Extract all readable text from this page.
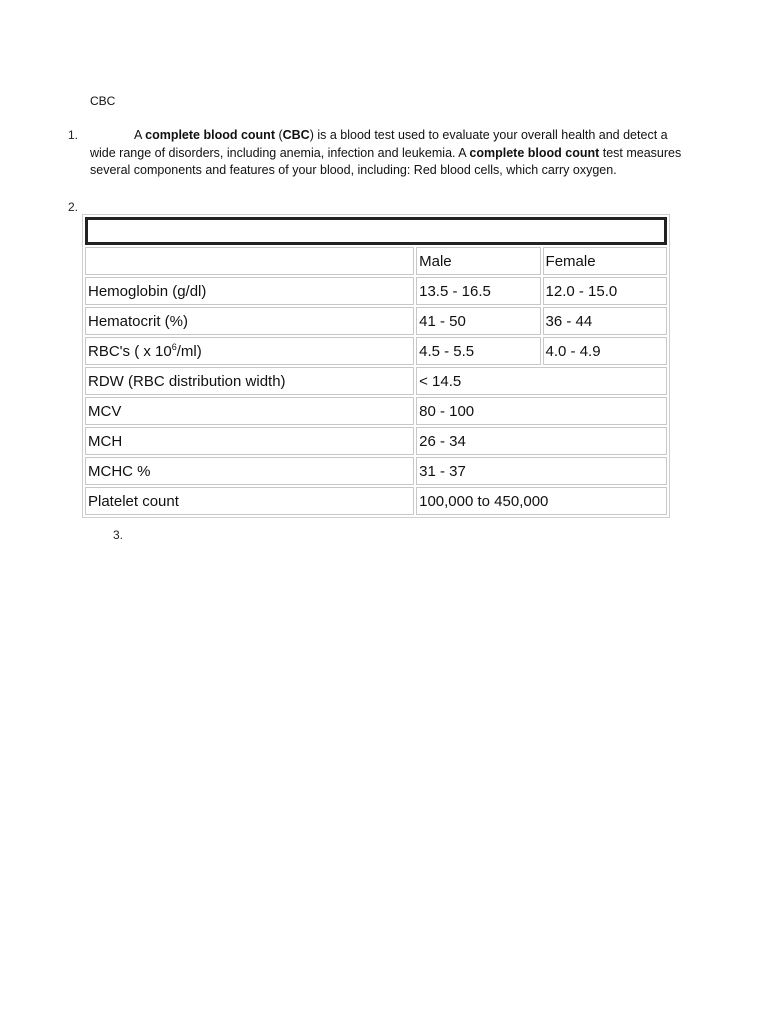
CBC
1.
2.
3.
A complete blood count (CBC) is a blood test used to evaluate your overall health and detect a wide range of disorders, including anemia, infection and leukemia. A complete blood count test measures several components and features of your blood, including: Red blood cells, which carry oxygen.

	Male	Female
Hemoglobin (g/dl)	13.5 - 16.5	12.0 - 15.0
Hematocrit (%)	41 - 50	36 - 44
RBC's ( x $10^6/ml$)	4.5 - 5.5	4.0 - 4.9
RDW (RBC distribution width)	< 14.5	
MCV	80 - 100	
MCH	26 - 34	
MCHC %	31 - 37	
Platelet count	100,000 to 450,000	
